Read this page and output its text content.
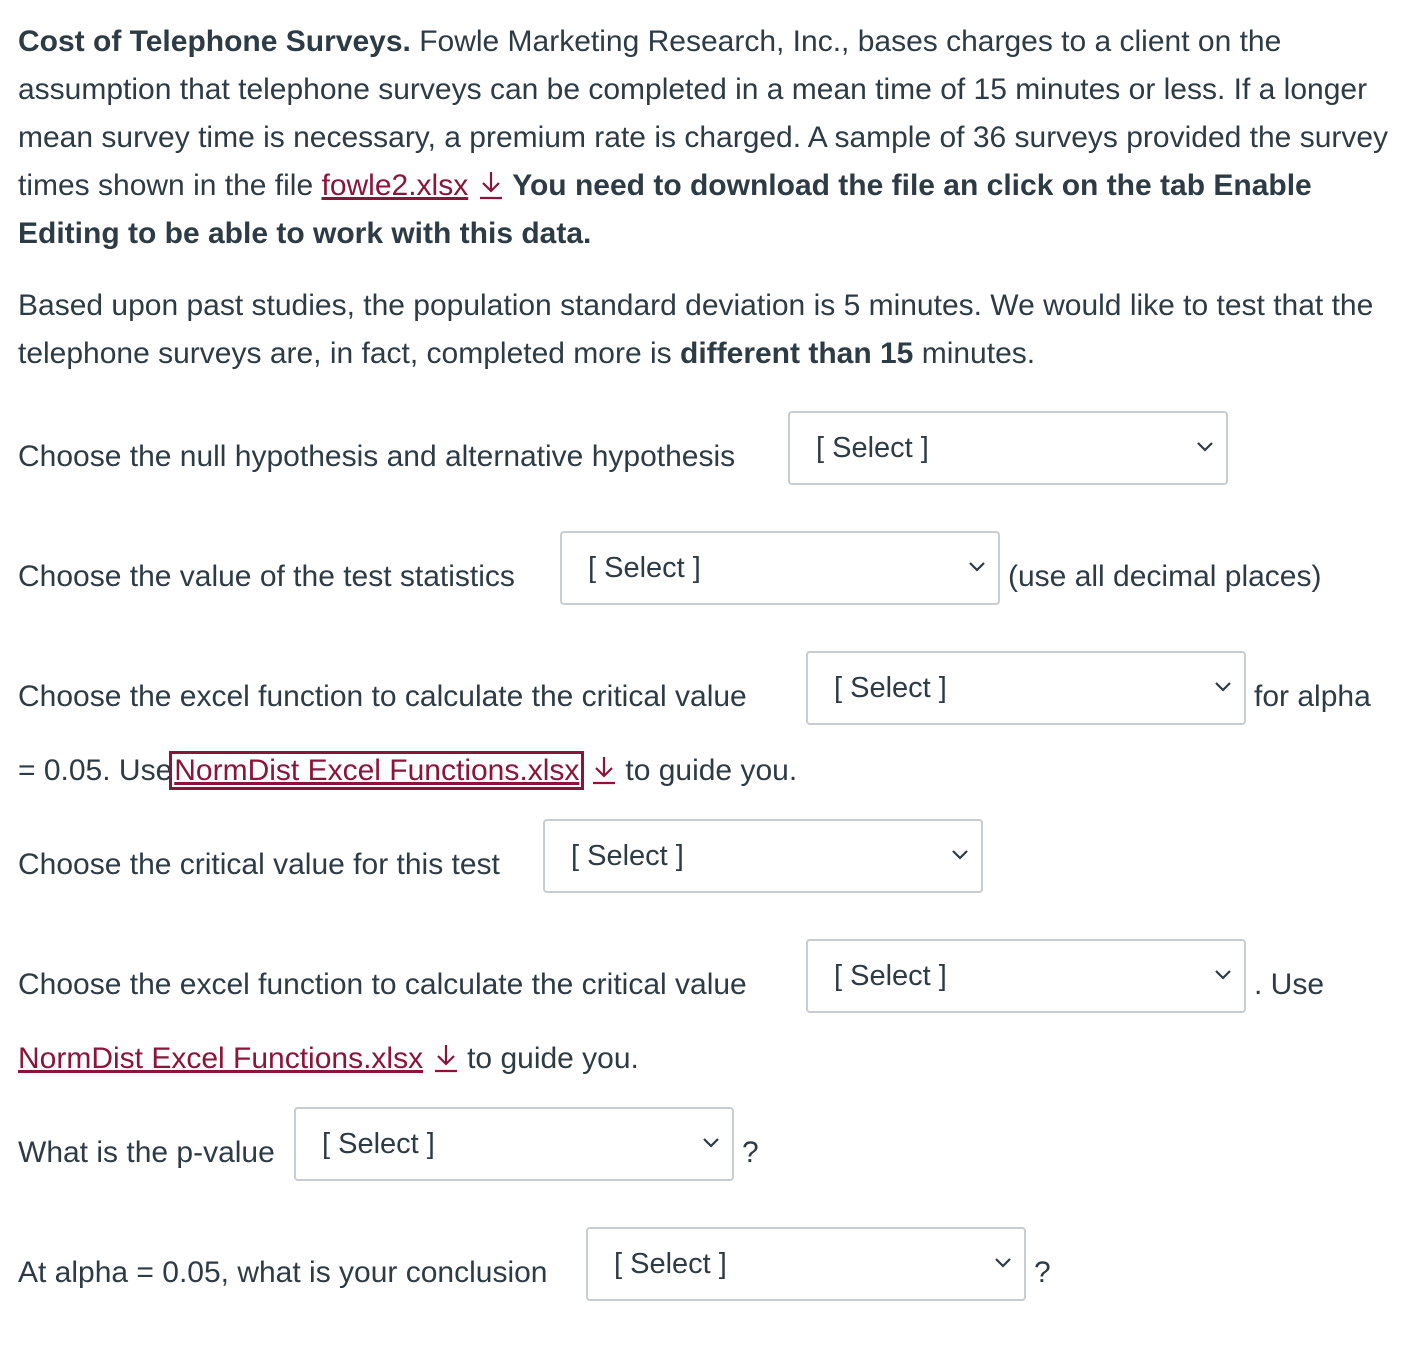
Cost of Telephone Surveys. Fowle Marketing Research, Inc., bases charges to a client on the assumption that telephone surveys can be completed in a mean time of 15 minutes or less. If a longer mean survey time is necessary, a premium rate is charged. A sample of 36 surveys provided the survey times shown in the file fowle2.xlsx You need to download the file an click on the tab Enable Editing to be able to work with this data.

Based upon past studies, the population standard deviation is 5 minutes. We would like to test that the telephone surveys are, in fact, completed more is different than 15 minutes.

Choose the null hypothesis and alternative hypothesis	[ Select ]
Choose the value of the test statistics	[ Select ]	(use all decimal places)
Choose the excel function to calculate the critical value	[ Select ]	for alpha
= 0.05. UseNormDist Excel Functions.xlsx to guide you.
Choose the critical value for this test	[ Select ]
Choose the excel function to calculate the critical value	[ Select ]	. Use
NormDist Excel Functions.xlsx to guide you.
What is the p-value	[ Select ]	?
At alpha = 0.05, what is your conclusion	[ Select ]	?
